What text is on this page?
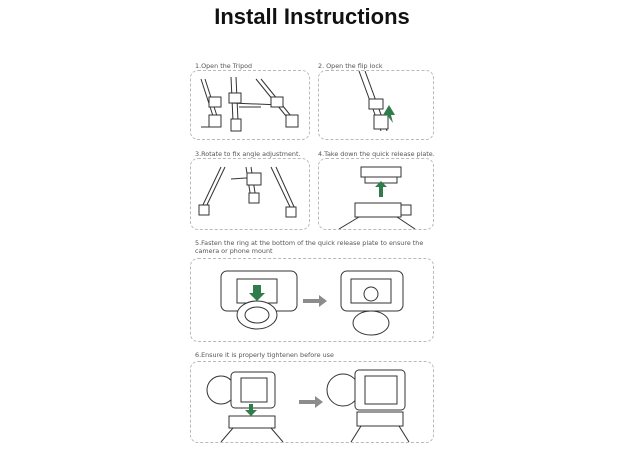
Install Instructions
1.Open the Tripod	2. Open the flip lock
3.Rotate to fix angle adjustment.	4.Take down the quick release plate.
5.Fasten the ring at the bottom of the quick release plate to ensure the camera or phone mount
6.Ensure it is properly tightenen before use
